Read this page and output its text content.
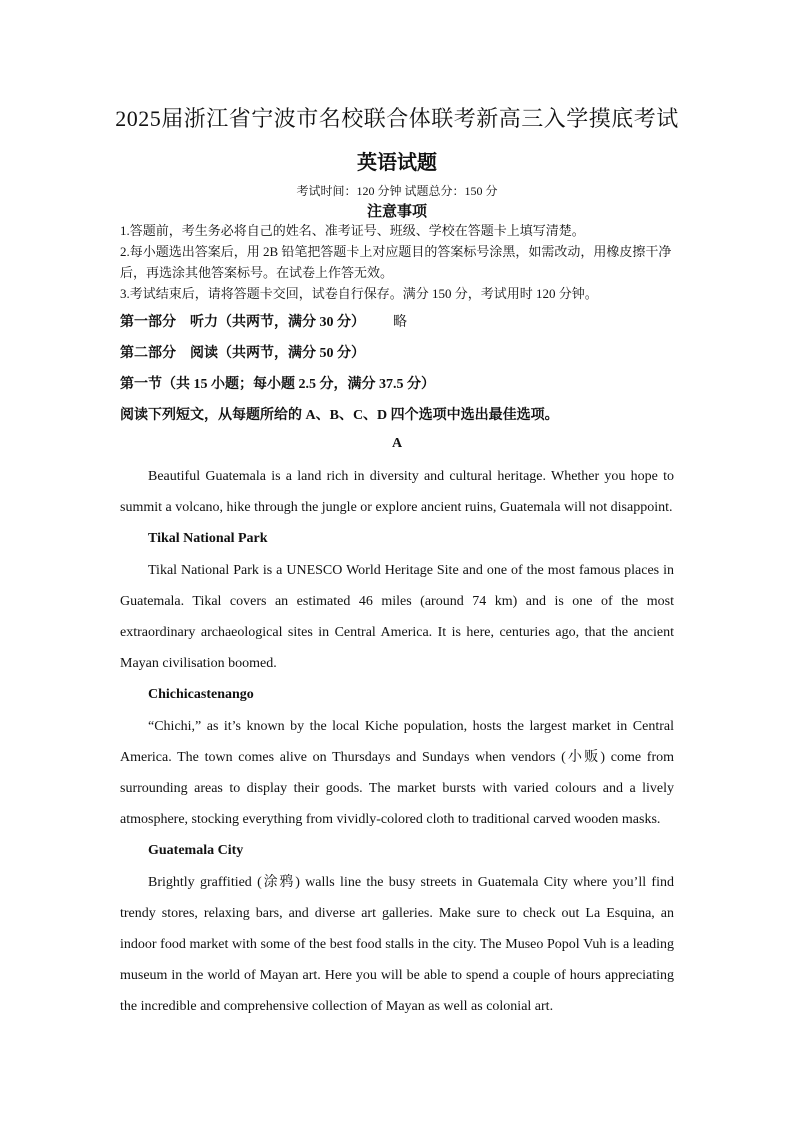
2025届浙江省宁波市名校联合体联考新高三入学摸底考试
英语试题
考试时间：120 分钟 试题总分：150 分
注意事项

1.答题前，考生务必将自己的姓名、准考证号、班级、学校在答题卡上填写清楚。

2.每小题选出答案后，用 2B 铅笔把答题卡上对应题目的答案标号涂黑，如需改动，用橡皮擦干净后，再选涂其他答案标号。在试卷上作答无效。

3.考试结束后，请将答题卡交回，试卷自行保存。满分 150 分，考试用时 120 分钟。

第一部分　听力（共两节，满分 30 分） 略
第二部分　阅读（共两节，满分 50 分）
第一节（共 15 小题；每小题 2.5 分，满分 37.5 分）
阅读下列短文，从每题所给的 A、B、C、D 四个选项中选出最佳选项。
A

Beautiful Guatemala is a land rich in diversity and cultural heritage. Whether you hope to summit a volcano, hike through the jungle or explore ancient ruins, Guatemala will not disappoint.

Tikal National Park

Tikal National Park is a UNESCO World Heritage Site and one of the most famous places in Guatemala. Tikal covers an estimated 46 miles (around 74 km) and is one of the most extraordinary archaeological sites in Central America. It is here, centuries ago, that the ancient Mayan civilisation boomed.

Chichicastenango

“Chichi,” as it’s known by the local Kiche population, hosts the largest market in Central America. The town comes alive on Thursdays and Sundays when vendors (小贩) come from surrounding areas to display their goods. The market bursts with varied colours and a lively atmosphere, stocking everything from vividly-colored cloth to traditional carved wooden masks.

Guatemala City

Brightly graffitied (涂鸦) walls line the busy streets in Guatemala City where you’ll find trendy stores, relaxing bars, and diverse art galleries. Make sure to check out La Esquina, an indoor food market with some of the best food stalls in the city. The Museo Popol Vuh is a leading museum in the world of Mayan art. Here you will be able to spend a couple of hours appreciating the incredible and comprehensive collection of Mayan as well as colonial art.
